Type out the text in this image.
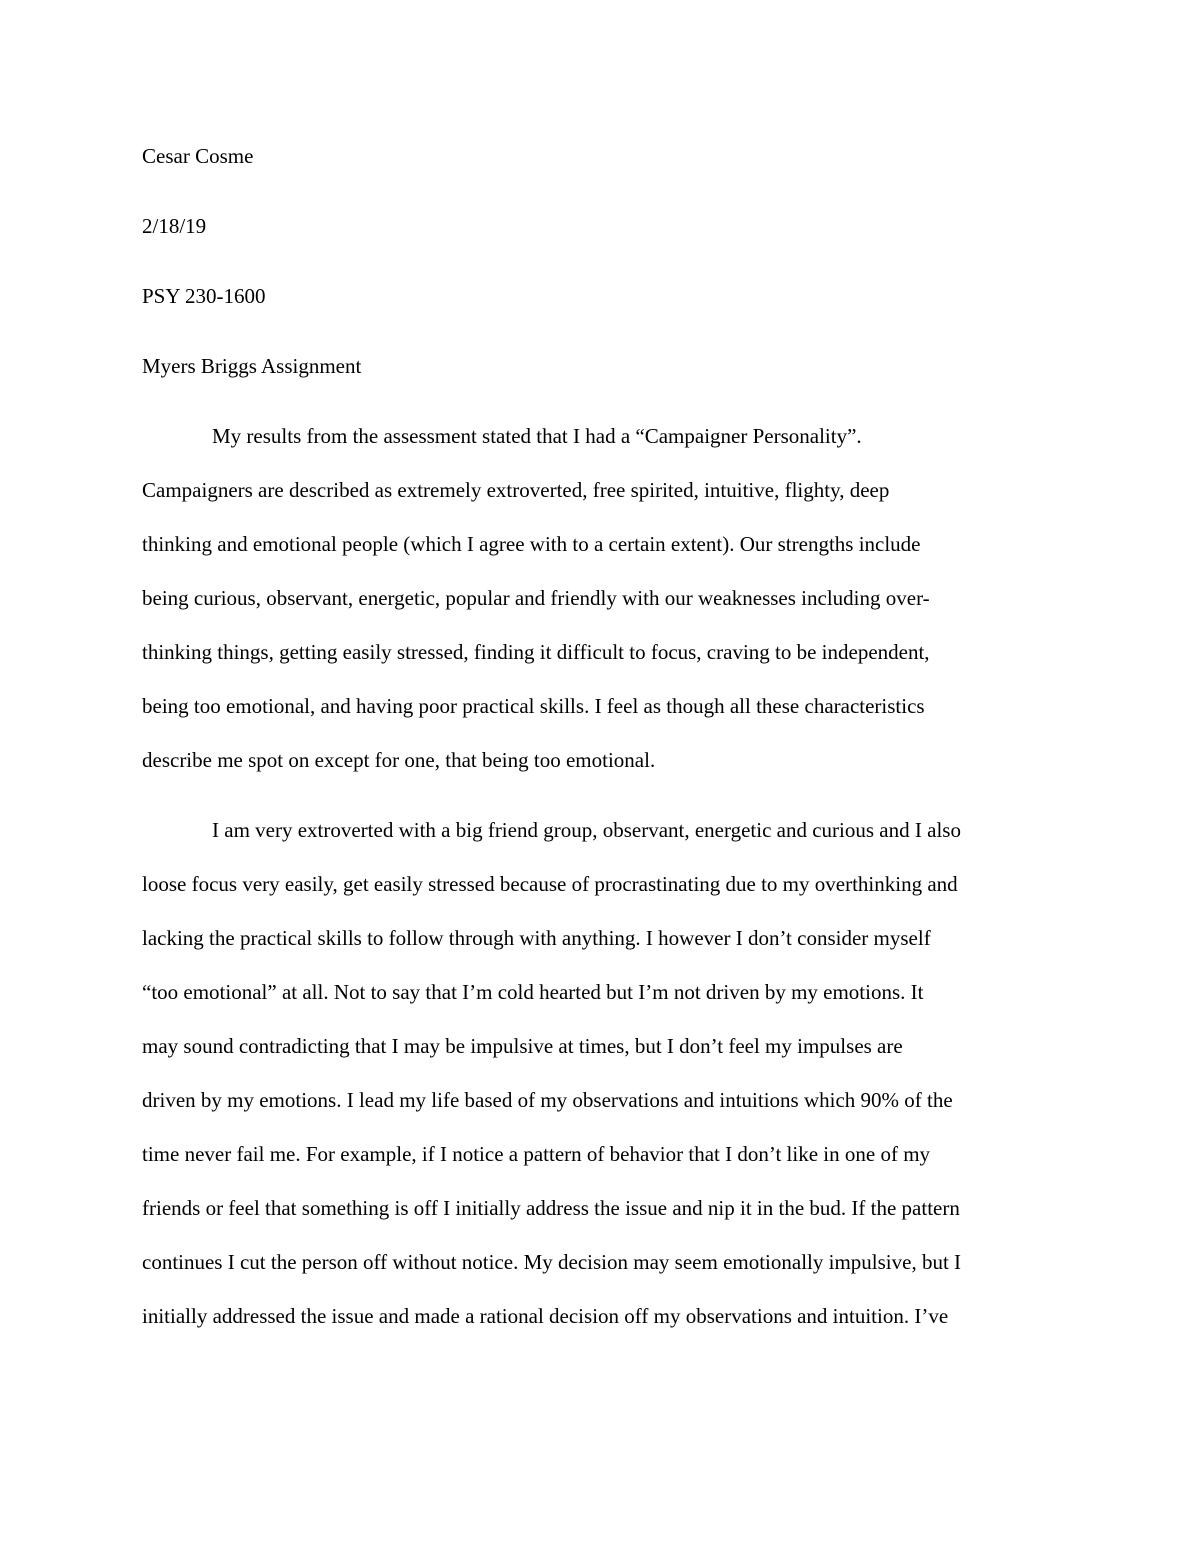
Cesar Cosme
2/18/19
PSY 230-1600
Myers Briggs Assignment
My results from the assessment stated that I had a “Campaigner Personality”.
Campaigners are described as extremely extroverted, free spirited, intuitive, flighty, deep
thinking and emotional people (which I agree with to a certain extent). Our strengths include
being curious, observant, energetic, popular and friendly with our weaknesses including over-
thinking things, getting easily stressed, finding it difficult to focus, craving to be independent,
being too emotional, and having poor practical skills. I feel as though all these characteristics
describe me spot on except for one, that being too emotional.
I am very extroverted with a big friend group, observant, energetic and curious and I also
loose focus very easily, get easily stressed because of procrastinating due to my overthinking and
lacking the practical skills to follow through with anything. I however I don’t consider myself
“too emotional” at all. Not to say that I’m cold hearted but I’m not driven by my emotions. It
may sound contradicting that I may be impulsive at times, but I don’t feel my impulses are
driven by my emotions. I lead my life based of my observations and intuitions which 90% of the
time never fail me. For example, if I notice a pattern of behavior that I don’t like in one of my
friends or feel that something is off I initially address the issue and nip it in the bud. If the pattern
continues I cut the person off without notice. My decision may seem emotionally impulsive, but I
initially addressed the issue and made a rational decision off my observations and intuition. I’ve
